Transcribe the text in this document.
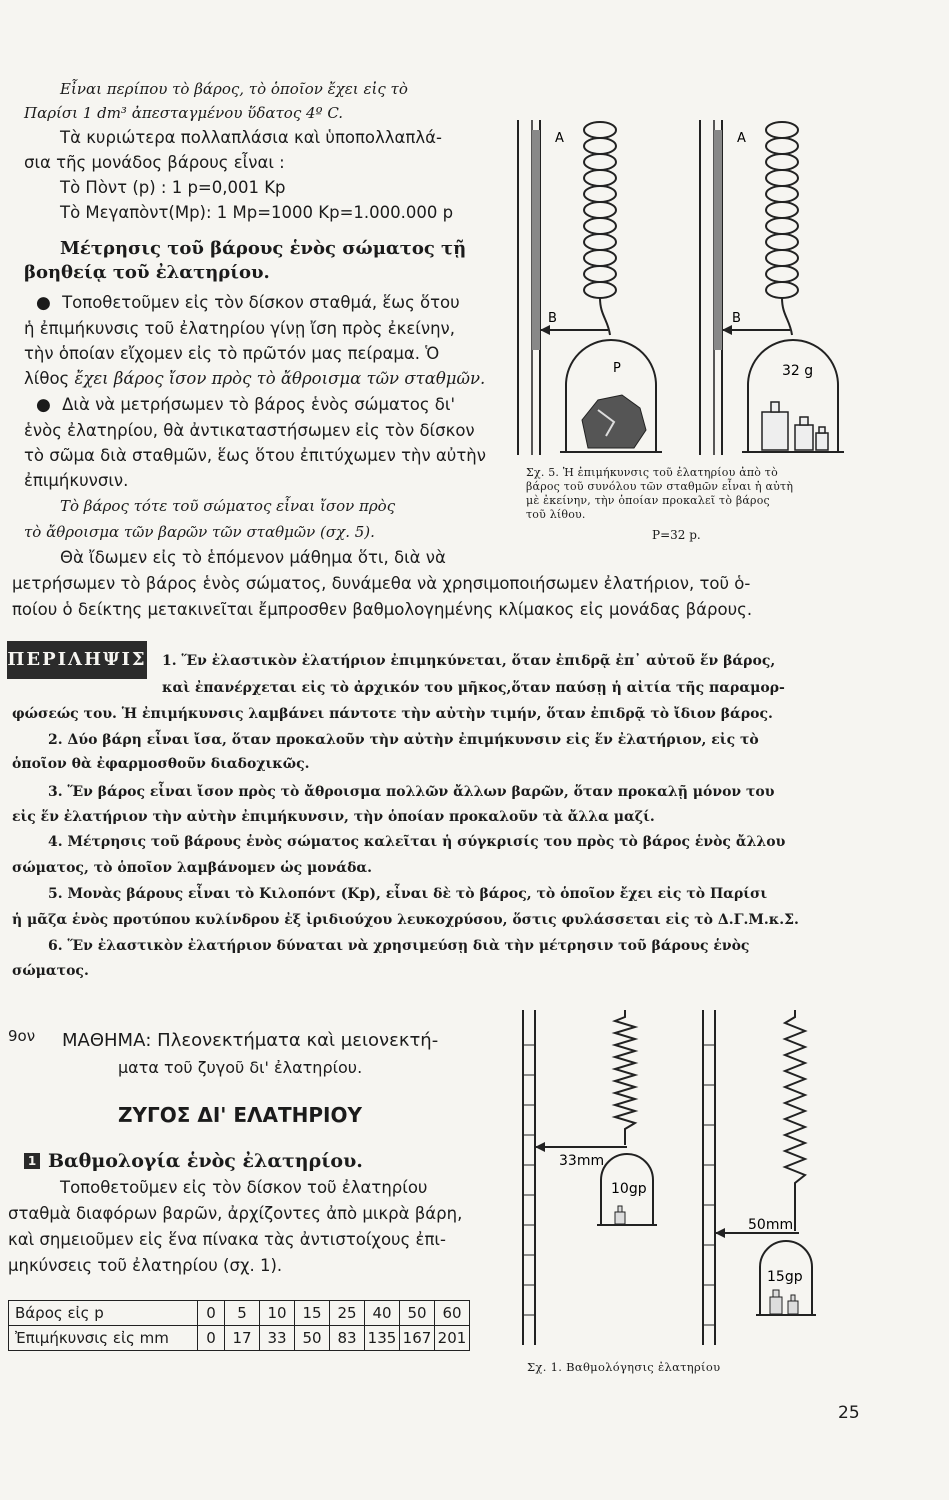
Εἶναι περίπου τὸ βάρος, τὸ ὁποῖον ἔχει εἰς τὸ

Παρίσι 1 dm³ ἀπεσταγμένου ὕδατος 4º C.

Τὰ κυριώτερα πολλαπλάσια καὶ ὑποπολλαπλά-

σια τῆς μονάδος βάρους εἶναι :

Τὸ Πὸντ (p) : 1 p=0,001 Kp

Τὸ Μεγαπὸντ(Mp): 1 Mp=1000 Kp=1.000.000 p

Μέτρησις τοῦ βάρους ἑνὸς σώματος τῇ

βοηθείᾳ τοῦ ἐλατηρίου.

● Τοποθετοῦμεν εἰς τὸν δίσκον σταθμά, ἕως ὅτου

ἡ ἐπιμήκυνσις τοῦ ἐλατηρίου γίνῃ ἴση πρὸς ἐκείνην,

τὴν ὁποίαν εἴχομεν εἰς τὸ πρῶτόν μας πείραμα. Ὁ

λίθος ἔχει βάρος ἴσον πρὸς τὸ ἄθροισμα τῶν σταθμῶν.

● Διὰ νὰ μετρήσωμεν τὸ βάρος ἑνὸς σώματος δι'

ἑνὸς ἐλατηρίου, θὰ ἀντικαταστήσωμεν εἰς τὸν δίσκον

τὸ σῶμα διὰ σταθμῶν, ἕως ὅτου ἐπιτύχωμεν τὴν αὐτὴν

ἐπιμήκυνσιν.

Τὸ βάρος τότε τοῦ σώματος εἶναι ἴσον πρὸς

τὸ ἄθροισμα τῶν βαρῶν τῶν σταθμῶν (σχ. 5).

Θὰ ἴδωμεν εἰς τὸ ἑπόμενον μάθημα ὅτι, διὰ νὰ

μετρήσωμεν τὸ βάρος ἑνὸς σώματος, δυνάμεθα νὰ χρησιμοποιήσωμεν ἐλατήριον, τοῦ ὁ-

ποίου ὁ δείκτης μετακινεῖται ἔμπροσθεν βαθμολογημένης κλίμακος εἰς μονάδας βάρους.

A
B
P
A
B
32 g

Σχ. 5. Ἡ ἐπιμήκυνσις τοῦ ἐλατηρίου ἀπὸ τὸ

βάρος τοῦ συνόλου τῶν σταθμῶν εἶναι ἡ αὐτὴ

μὲ ἐκείνην, τὴν ὁποίαν προκαλεῖ τὸ βάρος

τοῦ λίθου.

P=32 p.

ΠΕΡΙΛΗΨΙΣ 1. Ἕν ἐλαστικὸν ἐλατήριον ἐπιμηκύνεται, ὅταν ἐπιδρᾷ ἐπ᾽ αὐτοῦ ἕν βάρος,

καὶ ἐπανέρχεται εἰς τὸ ἀρχικόν του μῆκος,ὅταν παύσῃ ἡ αἰτία τῆς παραμορ-

φώσεώς του. Ἡ ἐπιμήκυνσις λαμβάνει πάντοτε τὴν αὐτὴν τιμήν, ὅταν ἐπιδρᾷ τὸ ἴδιον βάρος.

2. Δύο βάρη εἶναι ἴσα, ὅταν προκαλοῦν τὴν αὐτὴν ἐπιμήκυνσιν εἰς ἕν ἐλατήριον, εἰς τὸ

ὁποῖον θὰ ἐφαρμοσθοῦν διαδοχικῶς.

3. Ἕν βάρος εἶναι ἴσον πρὸς τὸ ἄθροισμα πολλῶν ἄλλων βαρῶν, ὅταν προκαλῇ μόνον του

εἰς ἕν ἐλατήριον τὴν αὐτὴν ἐπιμήκυνσιν, τὴν ὁποίαν προκαλοῦν τὰ ἄλλα μαζί.

4. Μέτρησις τοῦ βάρους ἑνὸς σώματος καλεῖται ἡ σύγκρισίς του πρὸς τὸ βάρος ἑνὸς ἄλλου

σώματος, τὸ ὁποῖον λαμβάνομεν ὡς μονάδα.

5. Μονὰς βάρους εἶναι τὸ Κιλοπόντ (Kp), εἶναι δὲ τὸ βάρος, τὸ ὁποῖον ἔχει εἰς τὸ Παρίσι

ἡ μᾶζα ἑνὸς προτύπου κυλίνδρου ἐξ ἰριδιούχου λευκοχρύσου, ὅστις φυλάσσεται εἰς τὸ Δ.Γ.Μ.κ.Σ.

6. Ἕν ἐλαστικὸν ἐλατήριον δύναται νὰ χρησιμεύσῃ διὰ τὴν μέτρησιν τοῦ βάρους ἑνὸς

σώματος.

9ον ΜΑΘΗΜΑ: Πλεονεκτήματα καὶ μειονεκτή-

ματα τοῦ ζυγοῦ δι' ἐλατηρίου.

ΖΥΓΟΣ ΔΙ' ΕΛΑΤΗΡΙΟΥ

1 Βαθμολογία ἑνὸς ἐλατηρίου.

Τοποθετοῦμεν εἰς τὸν δίσκον τοῦ ἐλατηρίου

σταθμὰ διαφόρων βαρῶν, ἀρχίζοντες ἀπὸ μικρὰ βάρη,

καὶ σημειοῦμεν εἰς ἕνα πίνακα τὰς ἀντιστοίχους ἐπι-

μηκύνσεις τοῦ ἐλατηρίου (σχ. 1).

Βάρος εἰς p	0	5	10	15	25	40	50	60
Ἐπιμήκυνσις εἰς mm	0	17	33	50	83	135	167	201
33mm
10gp
50mm
15gp

Σχ. 1. Βαθμολόγησις ἐλατηρίου

25
